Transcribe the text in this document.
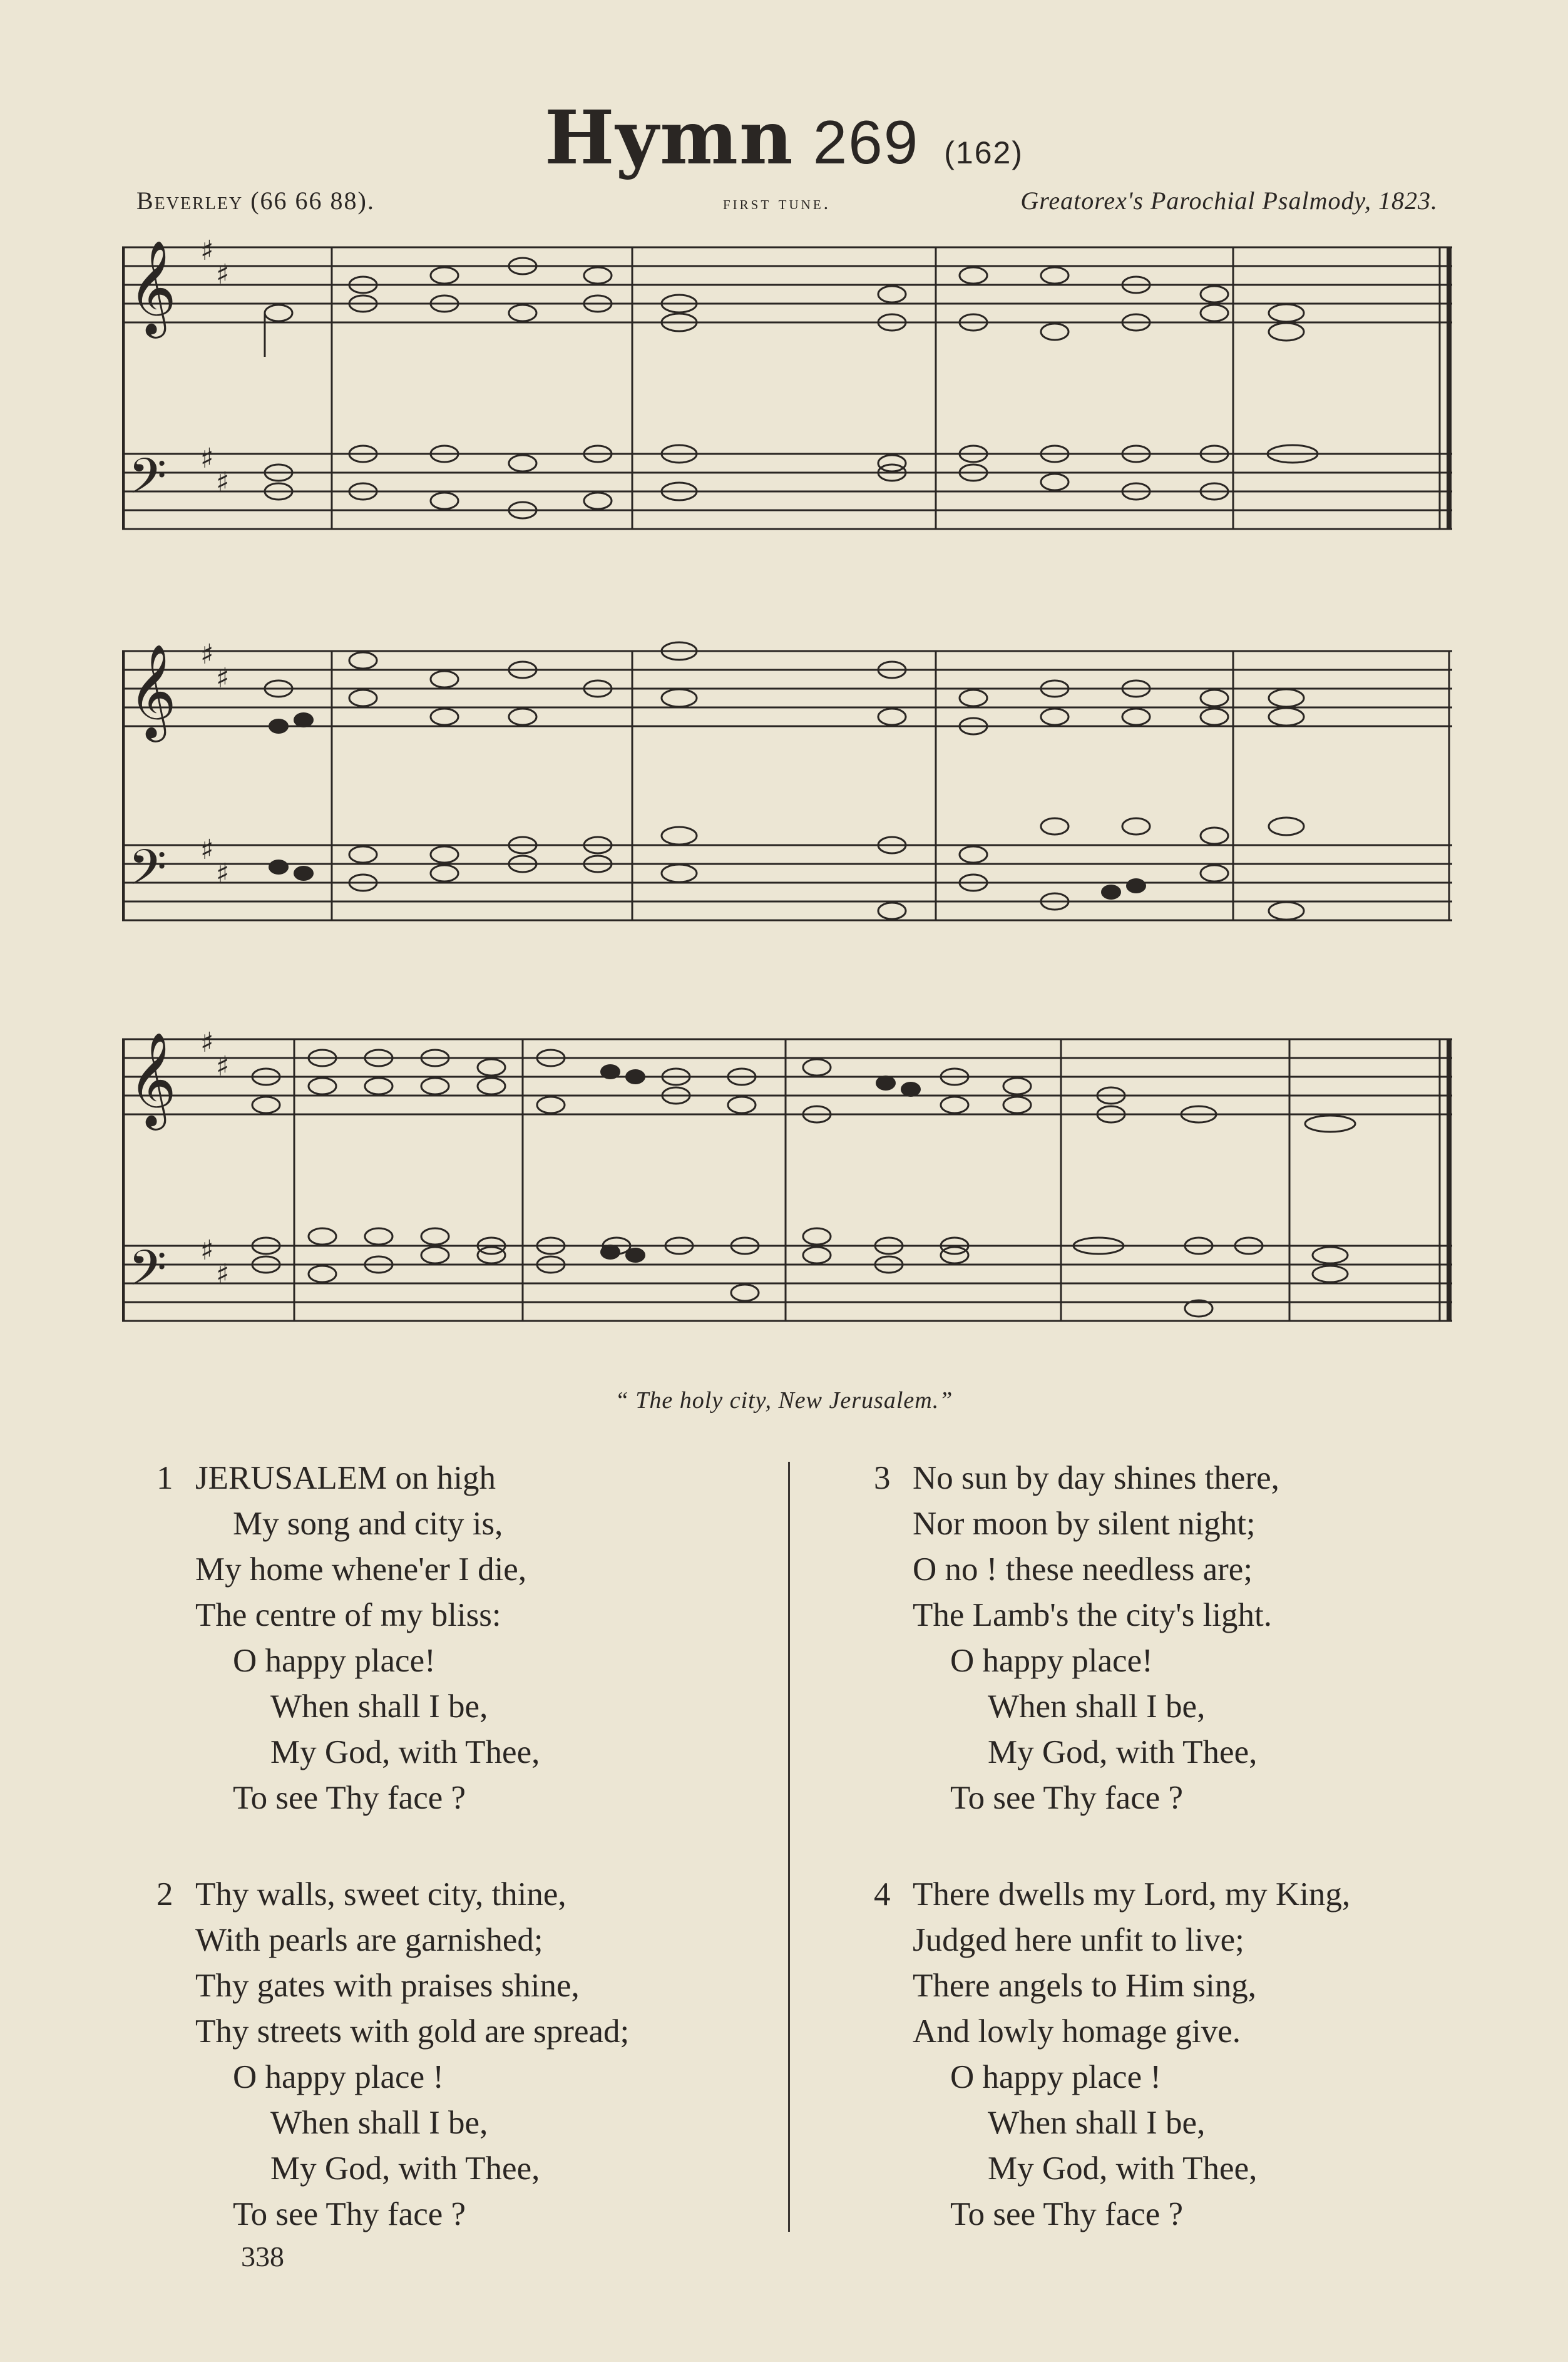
Hymn 269 (162)
Beverley (66 66 88).	first tune.	Greatorex's Parochial Psalmody, 1823.
𝄞
𝄢
♯
♯
♯
♯
𝄞
𝄢
♯
♯
♯
♯
𝄞
𝄢
♯
♯
♯
♯
“ The holy city, New Jerusalem.”
1 JERUSALEM on high
My song and city is,
My home whene'er I die,
The centre of my bliss:
O happy place!
When shall I be,
My God, with Thee,
To see Thy face ?
2 Thy walls, sweet city, thine,
With pearls are garnished;
Thy gates with praises shine,
Thy streets with gold are spread;
O happy place !
When shall I be,
My God, with Thee,
To see Thy face ?
3 No sun by day shines there,
Nor moon by silent night;
O no ! these needless are;
The Lamb's the city's light.
O happy place!
When shall I be,
My God, with Thee,
To see Thy face ?
4 There dwells my Lord, my King,
Judged here unfit to live;
There angels to Him sing,
And lowly homage give.
O happy place !
When shall I be,
My God, with Thee,
To see Thy face ?
338
